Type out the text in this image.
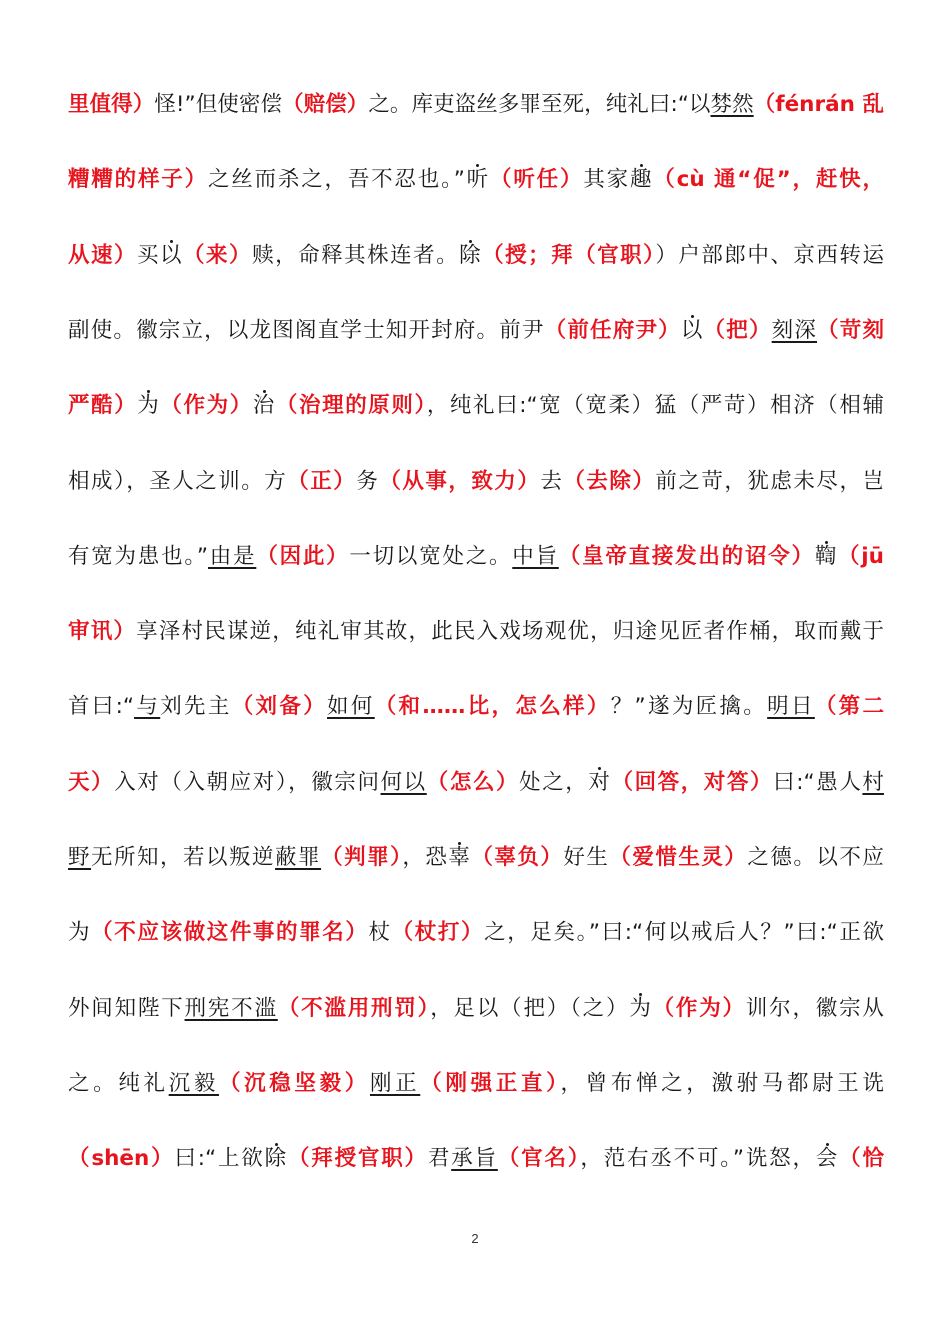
里值得）怪!”但使密偿（赔偿）之。库吏盗丝多罪至死，纯礼曰:“以棼然（fénrán 乱
糟糟的样子）之丝而杀之，吾不忍也。”听（听任）其家趣（cù 通“促”，赶快，
从速）买以（来）赎，命释其株连者。除（授；拜（官职））户部郎中、京西转运
副使。徽宗立，以龙图阁直学士知开封府。前尹（前任府尹）以（把）刻深（苛刻
严酷）为（作为）治（治理的原则），纯礼曰:“宽（宽柔）猛（严苛）相济（相辅
相成），圣人之训。方（正）务（从事，致力）去（去除）前之苛，犹虑未尽，岂
有宽为患也。”由是（因此）一切以宽处之。中旨（皇帝直接发出的诏令）鞫（jū
审讯）享泽村民谋逆，纯礼审其故，此民入戏场观优，归途见匠者作桶，取而戴于
首曰:“与刘先主（刘备）如何（和……比，怎么样）？”遂为匠擒。明日（第二
天）入对（入朝应对），徽宗问何以（怎么）处之，对（回答，对答）曰:“愚人村
野无所知，若以叛逆蔽罪（判罪），恐辜（辜负）好生（爱惜生灵）之德。以不应
为（不应该做这件事的罪名）杖（杖打）之，足矣。”曰:“何以戒后人？”曰:“正欲
外间知陛下刑宪不滥（不滥用刑罚），足以（把）（之）为（作为）训尔，徽宗从
之。纯礼沉毅（沉稳坚毅）刚正（刚强正直），曾布惮之，激驸马都尉王诜
（shēn）曰:“上欲除（拜授官职）君承旨（官名），范右丞不可。”诜怒，会（恰
2
